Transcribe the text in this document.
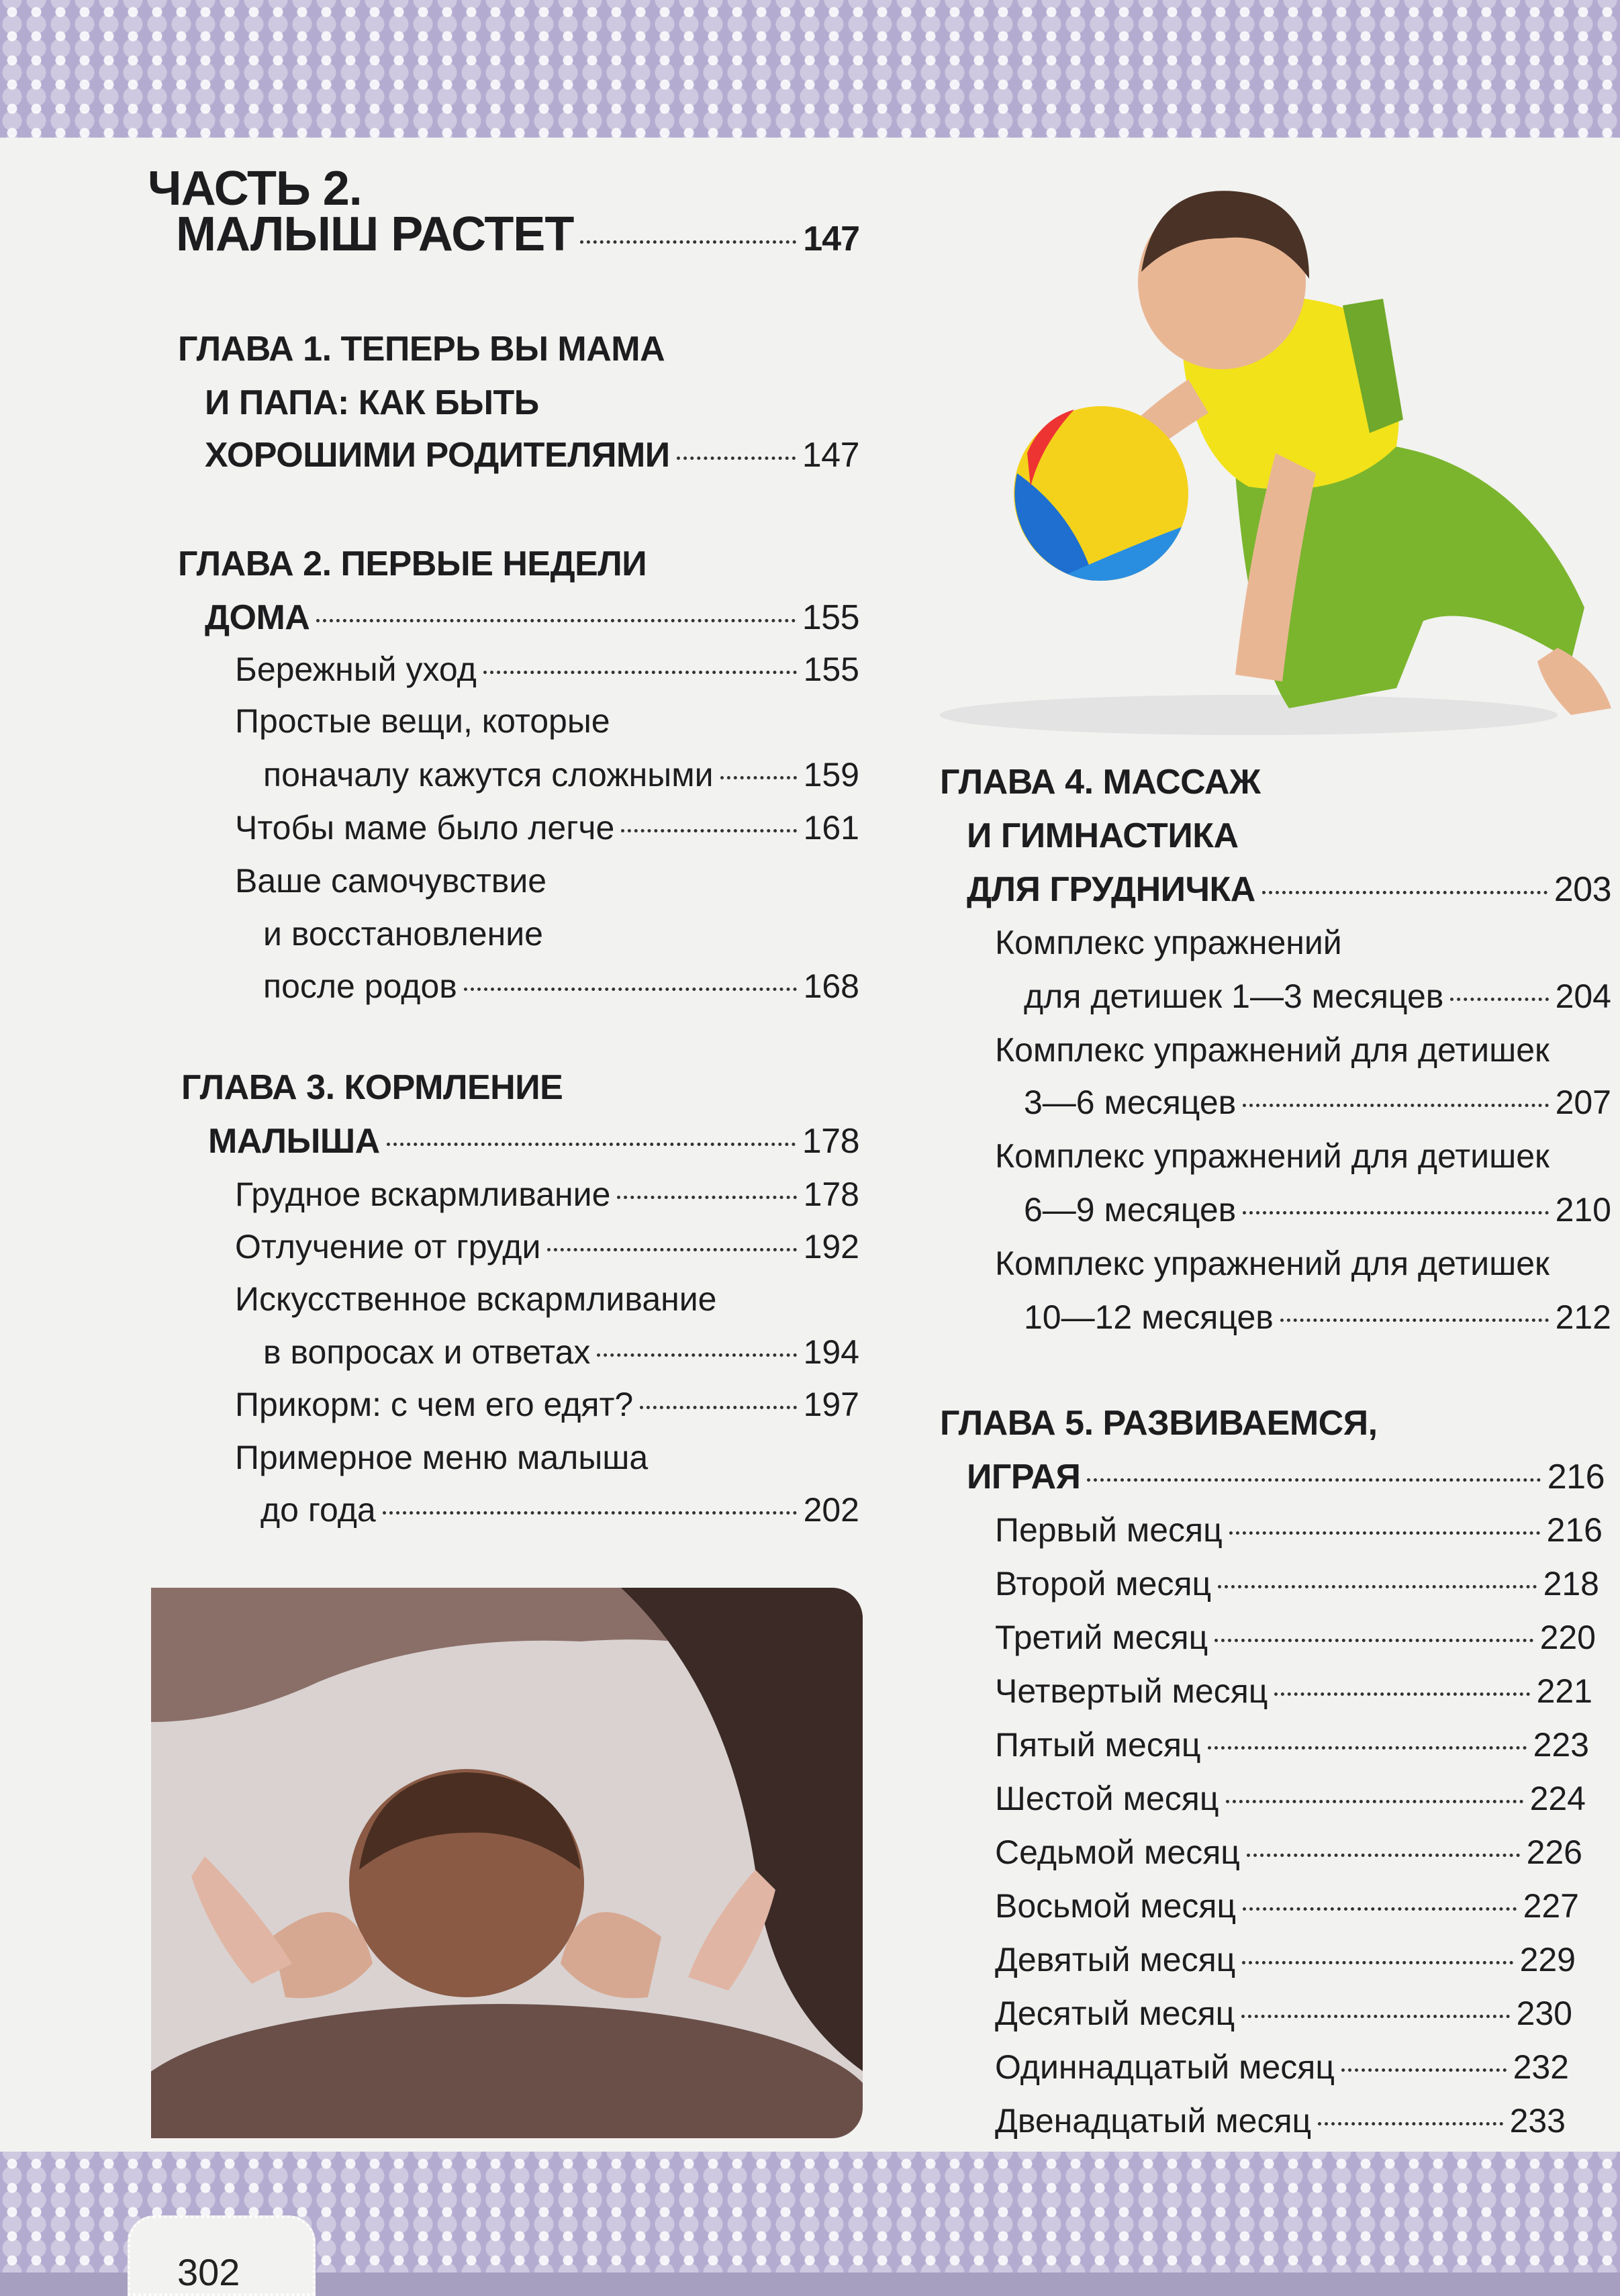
ЧАСТЬ 2.
МАЛЫШ РАСТЕТ	147
ГЛАВА 1. ТЕПЕРЬ ВЫ МАМА
И ПАПА: КАК БЫТЬ
ХОРОШИМИ РОДИТЕЛЯМИ	147
ГЛАВА 2. ПЕРВЫЕ НЕДЕЛИ
ДОМА	155
Бережный уход	155
Простые вещи, которые
поначалу кажутся сложными	159
Чтобы маме было легче	161
Ваше самочувствие
и восстановление
после родов	168
ГЛАВА 3. КОРМЛЕНИЕ
МАЛЫША	178
Грудное вскармливание	178
Отлучение от груди	192
Искусственное вскармливание
в вопросах и ответах	194
Прикорм: с чем его едят?	197
Примерное меню малыша
до года	202
ГЛАВА 4. МАССАЖ
И ГИМНАСТИКА
ДЛЯ ГРУДНИЧКА	203
Комплекс упражнений
для детишек 1—3 месяцев	204
Комплекс упражнений для детишек
3—6 месяцев	207
Комплекс упражнений для детишек
6—9 месяцев	210
Комплекс упражнений для детишек
10—12 месяцев	212
ГЛАВА 5. РАЗВИВАЕМСЯ,
ИГРАЯ	216
Первый месяц	216
Второй месяц	218
Третий месяц	220
Четвертый месяц	221
Пятый месяц	223
Шестой месяц	224
Седьмой месяц	226
Восьмой месяц	227
Девятый месяц	229
Десятый месяц	230
Одиннадцатый месяц	232
Двенадцатый месяц	233
302
